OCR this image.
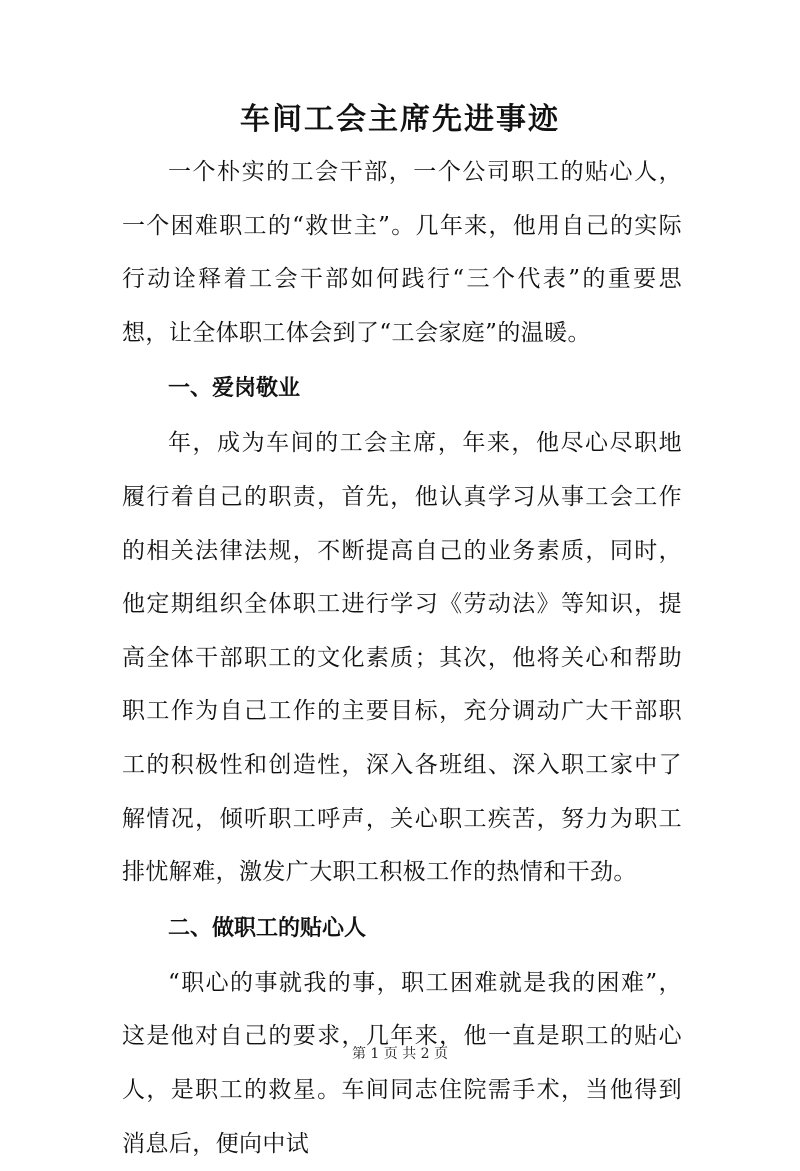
车间工会主席先进事迹

一个朴实的工会干部，一个公司职工的贴心人，一个困难职工的“救世主”。几年来，他用自己的实际行动诠释着工会干部如何践行“三个代表”的重要思想，让全体职工体会到了“工会家庭”的温暖。

一、爱岗敬业

年，成为车间的工会主席，年来，他尽心尽职地履行着自己的职责，首先，他认真学习从事工会工作的相关法律法规，不断提高自己的业务素质，同时，他定期组织全体职工进行学习《劳动法》等知识，提高全体干部职工的文化素质；其次，他将关心和帮助职工作为自己工作的主要目标，充分调动广大干部职工的积极性和创造性，深入各班组、深入职工家中了解情况，倾听职工呼声，关心职工疾苦，努力为职工排忧解难，激发广大职工积极工作的热情和干劲。

二、做职工的贴心人

“职心的事就我的事，职工困难就是我的困难”，这是他对自己的要求，几年来，他一直是职工的贴心人，是职工的救星。车间同志住院需手术，当他得到消息后，便向中试

第 1 页 共 2 页
